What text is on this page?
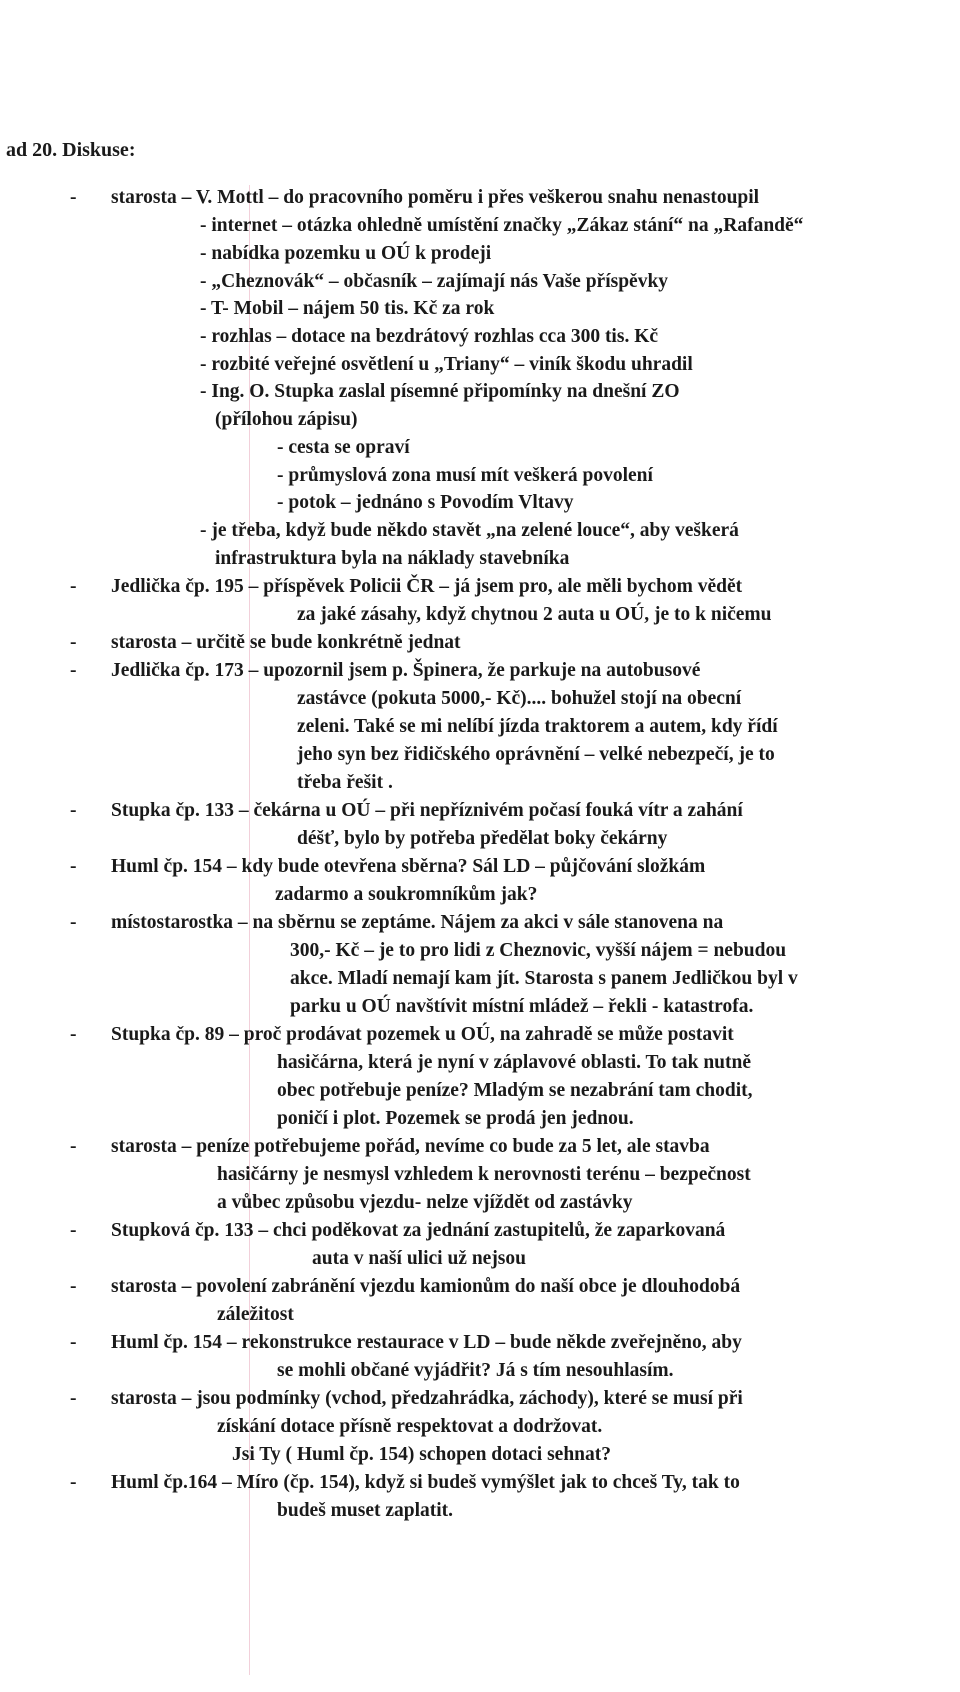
ad 20. Diskuse:
- starosta – V. Mottl – do pracovního poměru i přes veškerou snahu nenastoupil
- internet – otázka ohledně umístění značky „Zákaz stání“ na „Rafandě“
- nabídka pozemku u OÚ k prodeji
- „Cheznovák“ – občasník – zajímají nás Vaše příspěvky
- T- Mobil – nájem 50 tis. Kč za rok
- rozhlas – dotace na bezdrátový rozhlas cca 300 tis. Kč
- rozbité veřejné osvětlení u „Triany“ – viník škodu uhradil
- Ing. O. Stupka zaslal písemné připomínky na dnešní ZO
(přílohou zápisu)
- cesta se opraví
- průmyslová zona musí mít veškerá povolení
- potok – jednáno s Povodím Vltavy
- je třeba, když bude někdo stavět „na zelené louce“, aby veškerá
infrastruktura byla na náklady stavebníka
- Jedlička čp. 195 – příspěvek Policii ČR – já jsem pro, ale měli bychom vědět
za jaké zásahy, když chytnou 2 auta u OÚ, je to k ničemu
- starosta – určitě se bude konkrétně jednat
- Jedlička čp. 173 – upozornil jsem p. Špinera, že parkuje na autobusové
zastávce (pokuta 5000,- Kč).... bohužel stojí na obecní
zeleni. Také se mi nelíbí jízda traktorem a autem, kdy řídí
jeho syn bez řidičského oprávnění – velké nebezpečí, je to
třeba řešit .
- Stupka čp. 133 – čekárna u OÚ – při nepříznivém počasí fouká vítr a zahání
déšť, bylo by potřeba předělat boky čekárny
- Huml čp. 154 – kdy bude otevřena sběrna? Sál LD – půjčování složkám
zadarmo a soukromníkům jak?
- místostarostka – na sběrnu se zeptáme. Nájem za akci v sále stanovena na
300,- Kč – je to pro lidi z Cheznovic, vyšší nájem = nebudou
akce. Mladí nemají kam jít. Starosta s panem Jedličkou byl v
parku u OÚ navštívit místní mládež – řekli - katastrofa.
- Stupka čp. 89 – proč prodávat pozemek u OÚ, na zahradě se může postavit
hasičárna, která je nyní v záplavové oblasti. To tak nutně
obec potřebuje peníze? Mladým se nezabrání tam chodit,
poničí i plot. Pozemek se prodá jen jednou.
- starosta – peníze potřebujeme pořád, nevíme co bude za 5 let, ale stavba
hasičárny je nesmysl vzhledem k nerovnosti terénu – bezpečnost
a vůbec způsobu vjezdu- nelze vjíždět od zastávky
- Stupková čp. 133 – chci poděkovat za jednání zastupitelů, že zaparkovaná
auta v naší ulici už nejsou
- starosta – povolení zabránění vjezdu kamionům do naší obce je dlouhodobá
záležitost
- Huml čp. 154 – rekonstrukce restaurace v LD – bude někde zveřejněno, aby
se mohli občané vyjádřit? Já s tím nesouhlasím.
- starosta – jsou podmínky (vchod, předzahrádka, záchody), které se musí při
získání dotace přísně respektovat a dodržovat.
Jsi Ty ( Huml čp. 154) schopen dotaci sehnat?
- Huml čp.164 – Míro (čp. 154), když si budeš vymýšlet jak to chceš Ty, tak to
budeš muset zaplatit.
